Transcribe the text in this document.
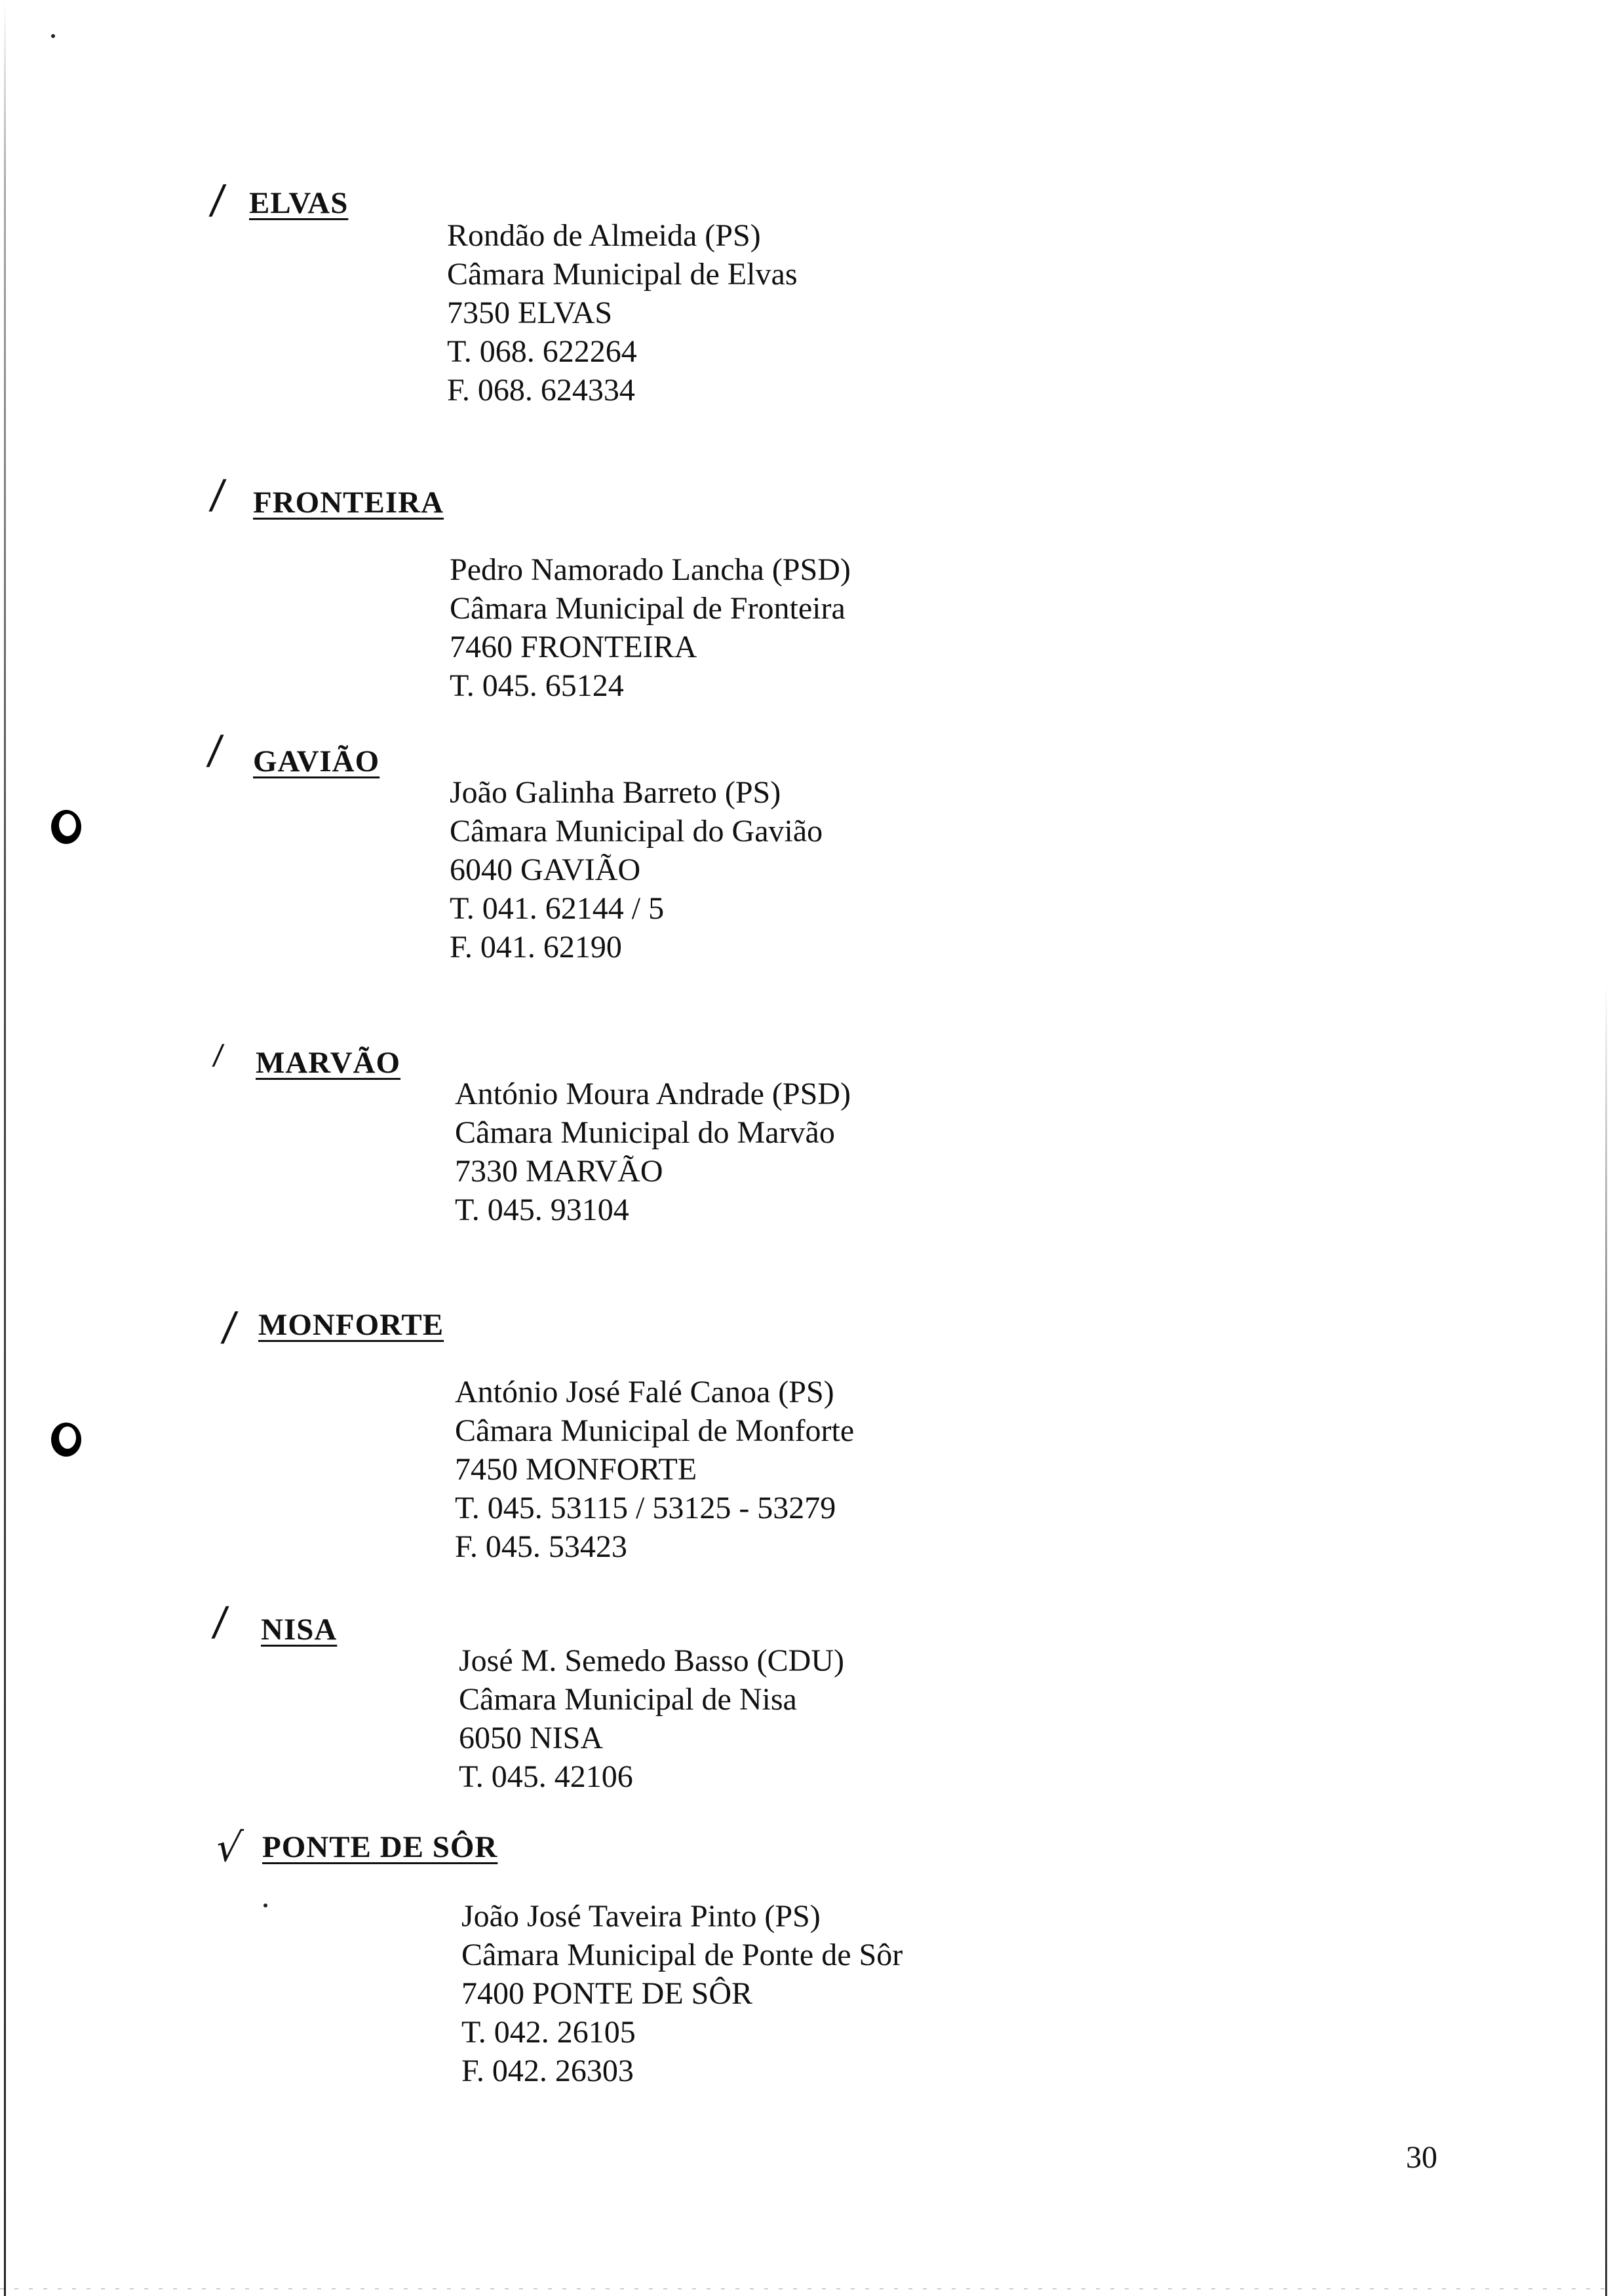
/ ELVAS
Rondão de Almeida (PS)
Câmara Municipal de Elvas
7350 ELVAS
T. 068. 622264
F. 068. 624334
/ FRONTEIRA
Pedro Namorado Lancha (PSD)
Câmara Municipal de Fronteira
7460 FRONTEIRA
T. 045. 65124
/ GAVIÃO
João Galinha Barreto (PS)
Câmara Municipal do Gavião
6040 GAVIÃO
T. 041. 62144 / 5
F. 041. 62190
/ MARVÃO
António Moura Andrade (PSD)
Câmara Municipal do Marvão
7330 MARVÃO
T. 045. 93104
/ MONFORTE
António José Falé Canoa (PS)
Câmara Municipal de Monforte
7450 MONFORTE
T. 045. 53115 / 53125 - 53279
F. 045. 53423
/ NISA
José M. Semedo Basso (CDU)
Câmara Municipal de Nisa
6050 NISA
T. 045. 42106
√ PONTE DE SÔR
João José Taveira Pinto (PS)
Câmara Municipal de Ponte de Sôr
7400 PONTE DE SÔR
T. 042. 26105
F. 042. 26303
30
